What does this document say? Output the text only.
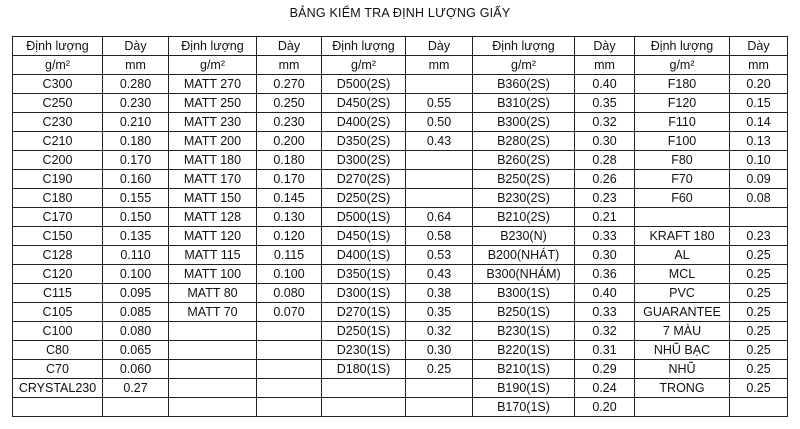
BẢNG KIỂM TRA ĐỊNH LƯỢNG GIẤY
Định lượng	Dày	Định lượng	Dày	Định lượng	Dày	Định lượng	Dày	Định lượng	Dày
g/m²	mm	g/m²	mm	g/m²	mm	g/m²	mm	g/m²	mm
C300	0.280	MATT 270	0.270	D500(2S)		B360(2S)	0.40	F180	0.20
C250	0.230	MATT 250	0.250	D450(2S)	0.55	B310(2S)	0.35	F120	0.15
C230	0.210	MATT 230	0.230	D400(2S)	0.50	B300(2S)	0.32	F110	0.14
C210	0.180	MATT 200	0.200	D350(2S)	0.43	B280(2S)	0.30	F100	0.13
C200	0.170	MATT 180	0.180	D300(2S)		B260(2S)	0.28	F80	0.10
C190	0.160	MATT 170	0.170	D270(2S)		B250(2S)	0.26	F70	0.09
C180	0.155	MATT 150	0.145	D250(2S)		B230(2S)	0.23	F60	0.08
C170	0.150	MATT 128	0.130	D500(1S)	0.64	B210(2S)	0.21		
C150	0.135	MATT 120	0.120	D450(1S)	0.58	B230(N)	0.33	KRAFT 180	0.23
C128	0.110	MATT 115	0.115	D400(1S)	0.53	B200(NHÁT)	0.30	AL	0.25
C120	0.100	MATT 100	0.100	D350(1S)	0.43	B300(NHÁM)	0.36	MCL	0.25
C115	0.095	MATT 80	0.080	D300(1S)	0.38	B300(1S)	0.40	PVC	0.25
C105	0.085	MATT 70	0.070	D270(1S)	0.35	B250(1S)	0.33	GUARANTEE	0.25
C100	0.080			D250(1S)	0.32	B230(1S)	0.32	7 MÀU	0.25
C80	0.065			D230(1S)	0.30	B220(1S)	0.31	NHŨ BẠC	0.25
C70	0.060			D180(1S)	0.25	B210(1S)	0.29	NHŨ	0.25
CRYSTAL230	0.27					B190(1S)	0.24	TRONG	0.25
						B170(1S)	0.20		
